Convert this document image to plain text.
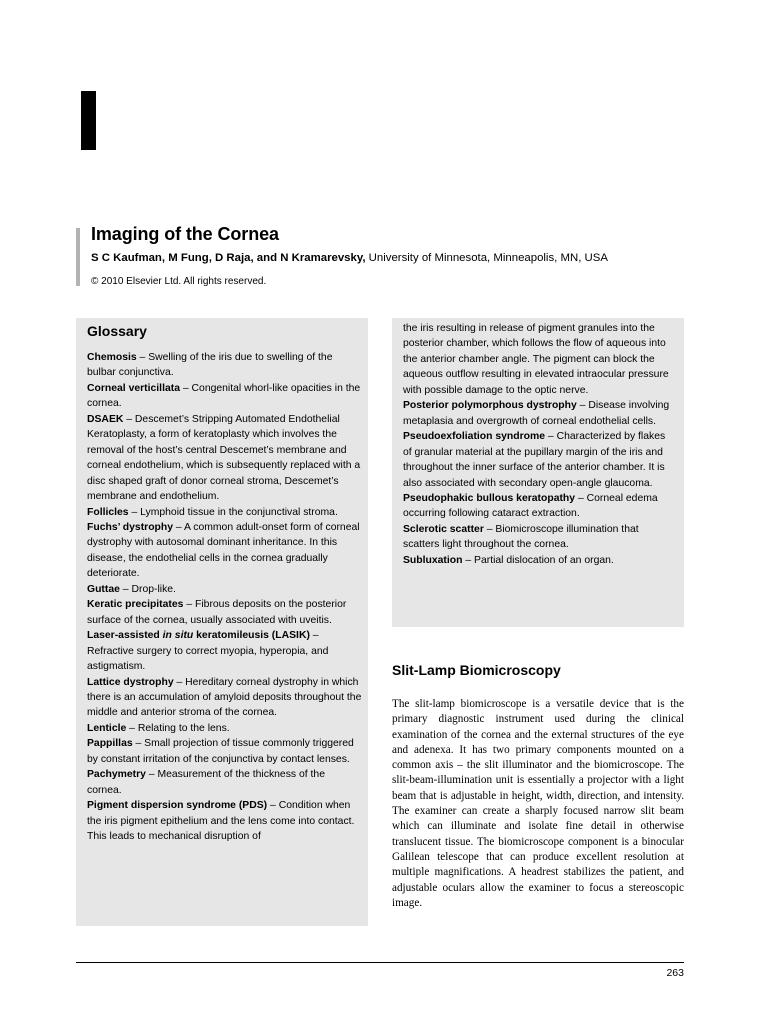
Imaging of the Cornea
S C Kaufman, M Fung, D Raja, and N Kramarevsky, University of Minnesota, Minneapolis, MN, USA
© 2010 Elsevier Ltd. All rights reserved.
Glossary

Chemosis – Swelling of the iris due to swelling of the bulbar conjunctiva.

Corneal verticillata – Congenital whorl-like opacities in the cornea.

DSAEK – Descemet’s Stripping Automated Endothelial Keratoplasty, a form of keratoplasty which involves the removal of the host’s central Descemet’s membrane and corneal endothelium, which is subsequently replaced with a disc shaped graft of donor corneal stroma, Descemet’s membrane and endothelium.

Follicles – Lymphoid tissue in the conjunctival stroma.

Fuchs’ dystrophy – A common adult-onset form of corneal dystrophy with autosomal dominant inheritance. In this disease, the endothelial cells in the cornea gradually deteriorate.

Guttae – Drop-like.

Keratic precipitates – Fibrous deposits on the posterior surface of the cornea, usually associated with uveitis.

Laser-assisted in situ keratomileusis (LASIK) – Refractive surgery to correct myopia, hyperopia, and astigmatism.

Lattice dystrophy – Hereditary corneal dystrophy in which there is an accumulation of amyloid deposits throughout the middle and anterior stroma of the cornea.

Lenticle – Relating to the lens.

Pappillas – Small projection of tissue commonly triggered by constant irritation of the conjunctiva by contact lenses.

Pachymetry – Measurement of the thickness of the cornea.

Pigment dispersion syndrome (PDS) – Condition when the iris pigment epithelium and the lens come into contact. This leads to mechanical disruption of

the iris resulting in release of pigment granules into the posterior chamber, which follows the flow of aqueous into the anterior chamber angle. The pigment can block the aqueous outflow resulting in elevated intraocular pressure with possible damage to the optic nerve.

Posterior polymorphous dystrophy – Disease involving metaplasia and overgrowth of corneal endothelial cells.

Pseudoexfoliation syndrome – Characterized by flakes of granular material at the pupillary margin of the iris and throughout the inner surface of the anterior chamber. It is also associated with secondary open-angle glaucoma.

Pseudophakic bullous keratopathy – Corneal edema occurring following cataract extraction.

Sclerotic scatter – Biomicroscope illumination that scatters light throughout the cornea.

Subluxation – Partial dislocation of an organ.

Slit-Lamp Biomicroscopy

The slit-lamp biomicroscope is a versatile device that is the primary diagnostic instrument used during the clinical examination of the cornea and the external structures of the eye and adenexa. It has two primary components mounted on a common axis – the slit illuminator and the biomicroscope. The slit-beam-illumination unit is essentially a projector with a light beam that is adjustable in height, width, direction, and intensity. The examiner can create a sharply focused narrow slit beam which can illuminate and isolate fine detail in otherwise translucent tissue. The biomicroscope component is a binocular Galilean telescope that can produce excellent resolution at multiple magnifications. A headrest stabilizes the patient, and adjustable oculars allow the examiner to focus a stereoscopic image.

263
